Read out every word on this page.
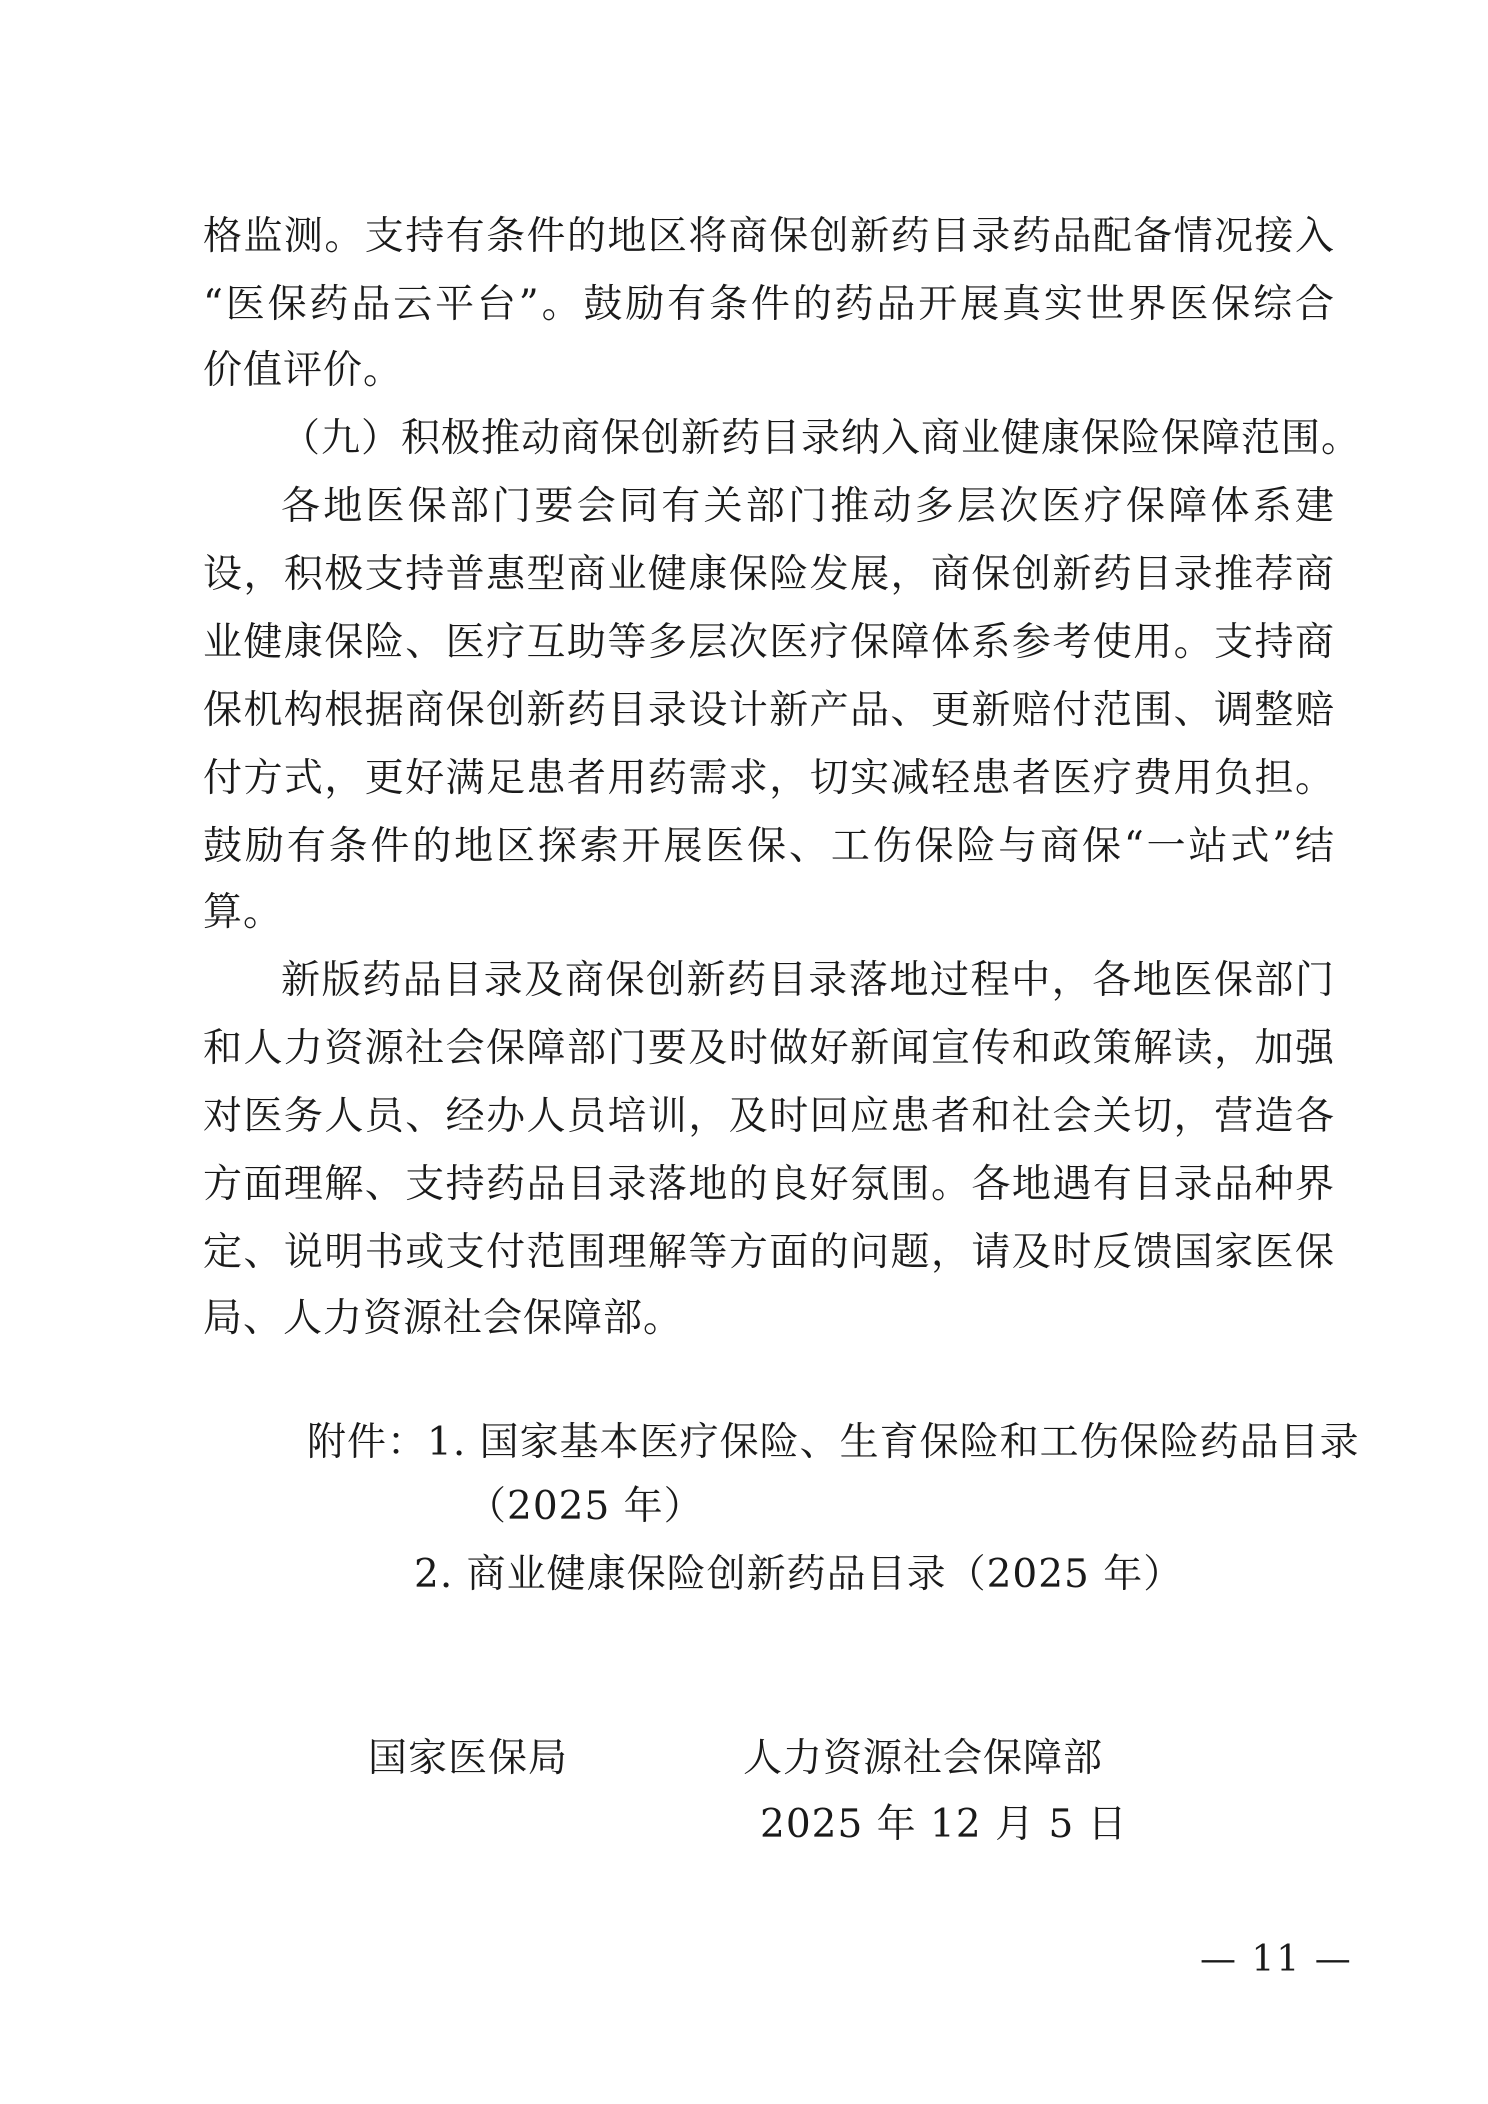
格监测。支持有条件的地区将商保创新药目录药品配备情况接入
“医保药品云平台”。鼓励有条件的药品开展真实世界医保综合
价值评价。
（九）积极推动商保创新药目录纳入商业健康保险保障范围。
各地医保部门要会同有关部门推动多层次医疗保障体系建
设，积极支持普惠型商业健康保险发展，商保创新药目录推荐商
业健康保险、医疗互助等多层次医疗保障体系参考使用。支持商
保机构根据商保创新药目录设计新产品、更新赔付范围、调整赔
付方式，更好满足患者用药需求，切实减轻患者医疗费用负担。
鼓励有条件的地区探索开展医保、工伤保险与商保“一站式”结
算。
新版药品目录及商保创新药目录落地过程中，各地医保部门
和人力资源社会保障部门要及时做好新闻宣传和政策解读，加强
对医务人员、经办人员培训，及时回应患者和社会关切，营造各
方面理解、支持药品目录落地的良好氛围。各地遇有目录品种界
定、说明书或支付范围理解等方面的问题，请及时反馈国家医保
局、人力资源社会保障部。
附件：1. 国家基本医疗保险、生育保险和工伤保险药品目录
（2025 年）
2. 商业健康保险创新药品目录（2025 年）
国家医保局	人力资源社会保障部
2025 年 12 月 5 日
— 11 —
